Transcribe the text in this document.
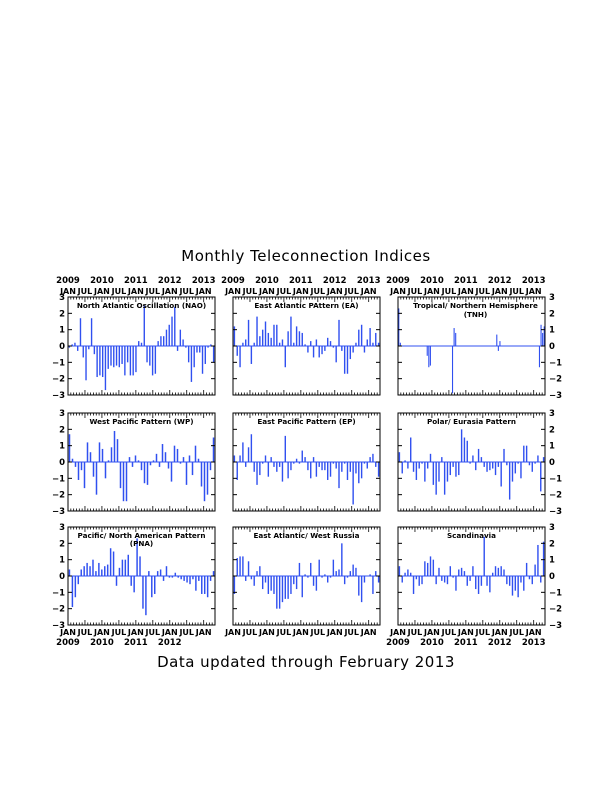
Monthly Teleconnection Indices
North Atlantic Oscillation (NAO)
3
2
1
0
−1
−2
−3
2009 2010 2011 2012 2013
JAN JUL JAN JUL JAN JUL JAN JUL JAN
East Atlantic PAttern (EA)
2009 2010 2011 2012 2013
JAN JUL JAN JUL JAN JUL JAN JUL JAN
Tropical/ Northern Hemisphere
(TNH)
3
2
1
0
−1
−2
−3
2009 2010 2011 2012 2013
JAN JUL JAN JUL JAN JUL JAN JUL JAN
West Pacific Pattern (WP)
3
2
1
0
−1
−2
−3
East Pacific Pattern (EP)	Polar/ Eurasia Pattern
3
2
1
0
−1
−2
−3
Pacific/ North American Pattern
(PNA)
3
2
1
0
−1
−2
−3
JAN JUL JAN JUL JAN JUL JAN JUL JAN
2009 2010 2011 2012
East Atlantic/ West Russia
JAN JUL JAN JUL JAN JUL JAN JUL JAN
Scandinavia
3
2
1
0
−1
−2
−3
JAN JUL JAN JUL JAN JUL JAN JUL JAN
2009 2010 2011 2012 2013
Data updated through February 2013
